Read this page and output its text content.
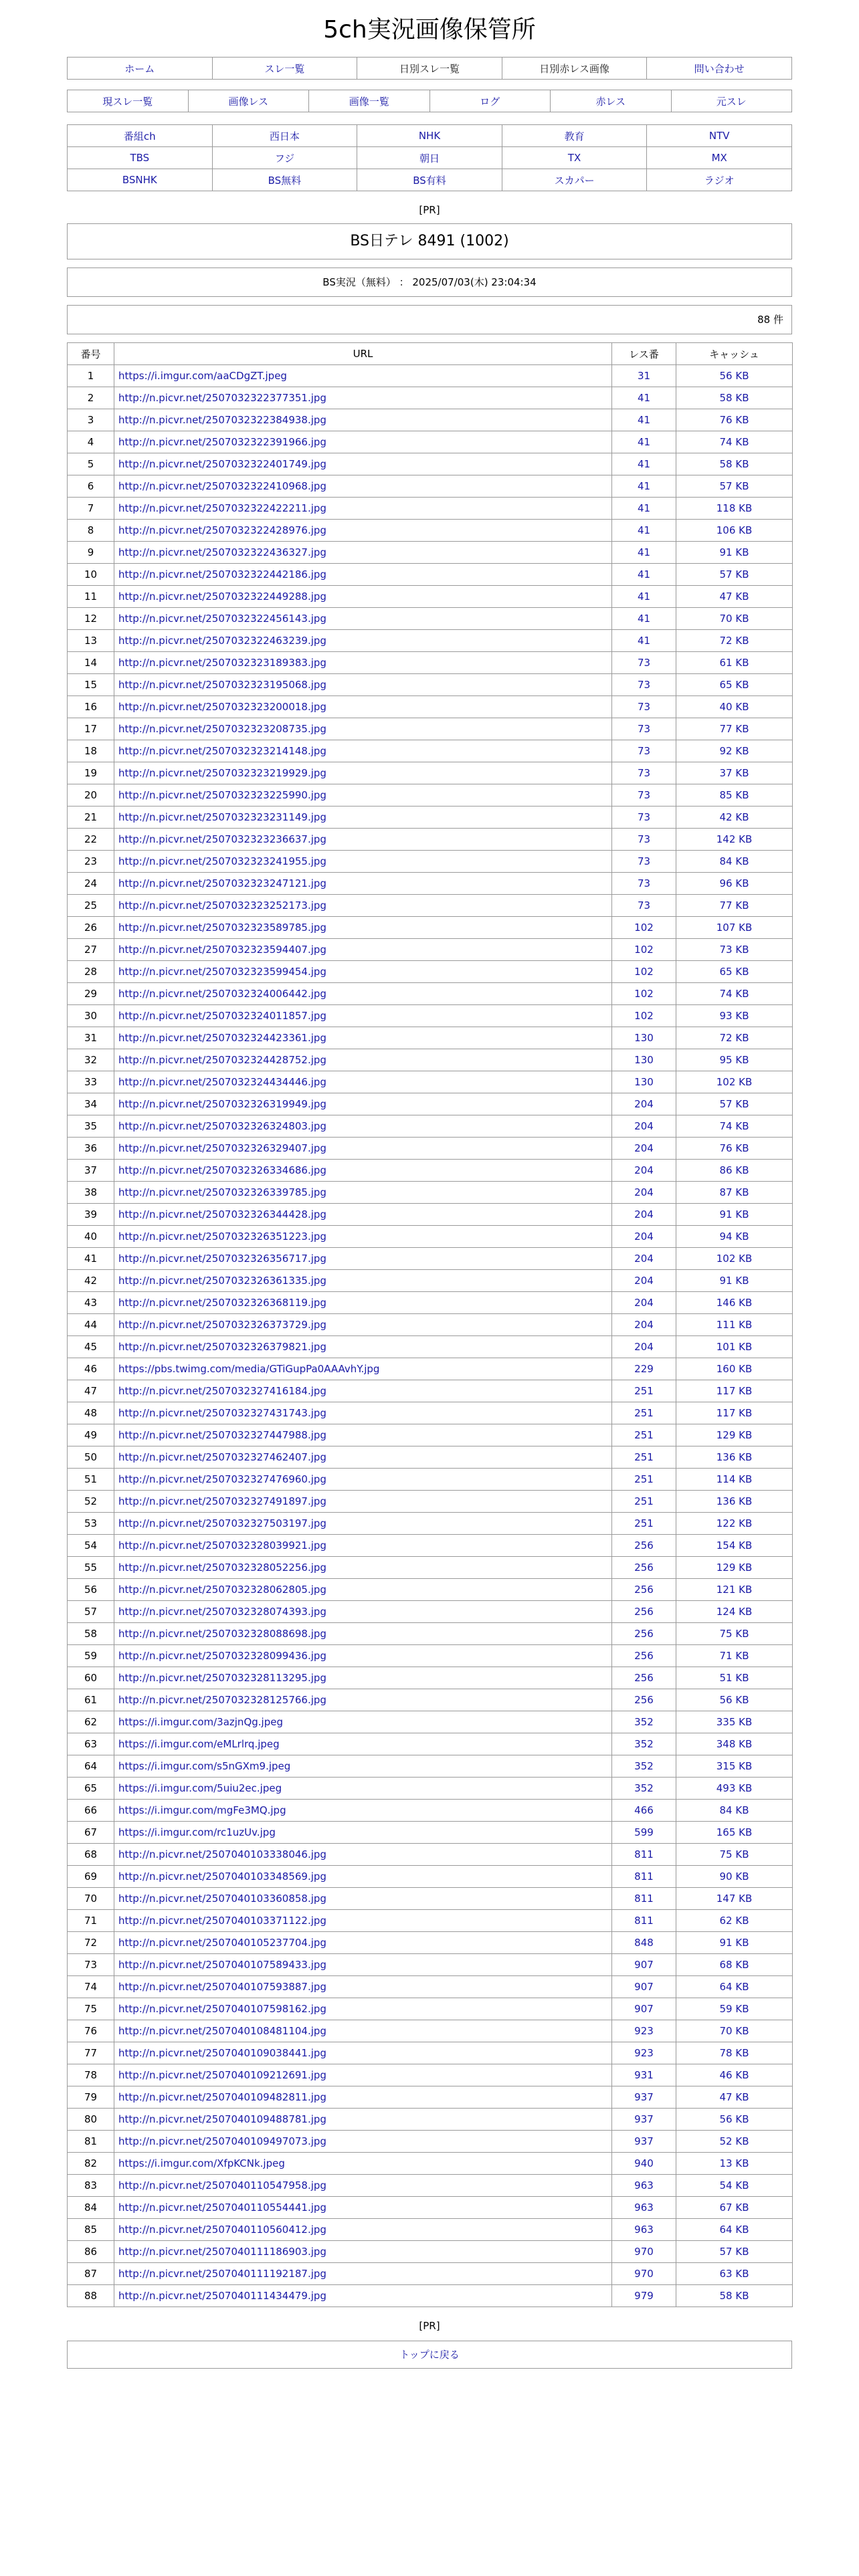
5ch実況画像保管所
ホーム	スレ一覧	日別スレ一覧	日別赤レス画像	問い合わせ
現スレ一覧	画像レス	画像一覧	ログ	赤レス	元スレ
番組ch	西日本	NHK	教育	NTV
TBS	フジ	朝日	TX	MX
BSNHK	BS無料	BS有料	スカパー	ラジオ
[PR]
BS日テレ 8491 (1002)
BS実況（無料） ： 2025/07/03(木) 23:04:34
88 件
番号	URL	レス番	キャッシュ
1	https://i.imgur.com/aaCDgZT.jpeg	31	56 KB
2	http://n.picvr.net/2507032322377351.jpg	41	58 KB
3	http://n.picvr.net/2507032322384938.jpg	41	76 KB
4	http://n.picvr.net/2507032322391966.jpg	41	74 KB
5	http://n.picvr.net/2507032322401749.jpg	41	58 KB
6	http://n.picvr.net/2507032322410968.jpg	41	57 KB
7	http://n.picvr.net/2507032322422211.jpg	41	118 KB
8	http://n.picvr.net/2507032322428976.jpg	41	106 KB
9	http://n.picvr.net/2507032322436327.jpg	41	91 KB
10	http://n.picvr.net/2507032322442186.jpg	41	57 KB
11	http://n.picvr.net/2507032322449288.jpg	41	47 KB
12	http://n.picvr.net/2507032322456143.jpg	41	70 KB
13	http://n.picvr.net/2507032322463239.jpg	41	72 KB
14	http://n.picvr.net/2507032323189383.jpg	73	61 KB
15	http://n.picvr.net/2507032323195068.jpg	73	65 KB
16	http://n.picvr.net/2507032323200018.jpg	73	40 KB
17	http://n.picvr.net/2507032323208735.jpg	73	77 KB
18	http://n.picvr.net/2507032323214148.jpg	73	92 KB
19	http://n.picvr.net/2507032323219929.jpg	73	37 KB
20	http://n.picvr.net/2507032323225990.jpg	73	85 KB
21	http://n.picvr.net/2507032323231149.jpg	73	42 KB
22	http://n.picvr.net/2507032323236637.jpg	73	142 KB
23	http://n.picvr.net/2507032323241955.jpg	73	84 KB
24	http://n.picvr.net/2507032323247121.jpg	73	96 KB
25	http://n.picvr.net/2507032323252173.jpg	73	77 KB
26	http://n.picvr.net/2507032323589785.jpg	102	107 KB
27	http://n.picvr.net/2507032323594407.jpg	102	73 KB
28	http://n.picvr.net/2507032323599454.jpg	102	65 KB
29	http://n.picvr.net/2507032324006442.jpg	102	74 KB
30	http://n.picvr.net/2507032324011857.jpg	102	93 KB
31	http://n.picvr.net/2507032324423361.jpg	130	72 KB
32	http://n.picvr.net/2507032324428752.jpg	130	95 KB
33	http://n.picvr.net/2507032324434446.jpg	130	102 KB
34	http://n.picvr.net/2507032326319949.jpg	204	57 KB
35	http://n.picvr.net/2507032326324803.jpg	204	74 KB
36	http://n.picvr.net/2507032326329407.jpg	204	76 KB
37	http://n.picvr.net/2507032326334686.jpg	204	86 KB
38	http://n.picvr.net/2507032326339785.jpg	204	87 KB
39	http://n.picvr.net/2507032326344428.jpg	204	91 KB
40	http://n.picvr.net/2507032326351223.jpg	204	94 KB
41	http://n.picvr.net/2507032326356717.jpg	204	102 KB
42	http://n.picvr.net/2507032326361335.jpg	204	91 KB
43	http://n.picvr.net/2507032326368119.jpg	204	146 KB
44	http://n.picvr.net/2507032326373729.jpg	204	111 KB
45	http://n.picvr.net/2507032326379821.jpg	204	101 KB
46	https://pbs.twimg.com/media/GTiGupPa0AAAvhY.jpg	229	160 KB
47	http://n.picvr.net/2507032327416184.jpg	251	117 KB
48	http://n.picvr.net/2507032327431743.jpg	251	117 KB
49	http://n.picvr.net/2507032327447988.jpg	251	129 KB
50	http://n.picvr.net/2507032327462407.jpg	251	136 KB
51	http://n.picvr.net/2507032327476960.jpg	251	114 KB
52	http://n.picvr.net/2507032327491897.jpg	251	136 KB
53	http://n.picvr.net/2507032327503197.jpg	251	122 KB
54	http://n.picvr.net/2507032328039921.jpg	256	154 KB
55	http://n.picvr.net/2507032328052256.jpg	256	129 KB
56	http://n.picvr.net/2507032328062805.jpg	256	121 KB
57	http://n.picvr.net/2507032328074393.jpg	256	124 KB
58	http://n.picvr.net/2507032328088698.jpg	256	75 KB
59	http://n.picvr.net/2507032328099436.jpg	256	71 KB
60	http://n.picvr.net/2507032328113295.jpg	256	51 KB
61	http://n.picvr.net/2507032328125766.jpg	256	56 KB
62	https://i.imgur.com/3azjnQg.jpeg	352	335 KB
63	https://i.imgur.com/eMLrlrq.jpeg	352	348 KB
64	https://i.imgur.com/s5nGXm9.jpeg	352	315 KB
65	https://i.imgur.com/5uiu2ec.jpeg	352	493 KB
66	https://i.imgur.com/mgFe3MQ.jpg	466	84 KB
67	https://i.imgur.com/rc1uzUv.jpg	599	165 KB
68	http://n.picvr.net/2507040103338046.jpg	811	75 KB
69	http://n.picvr.net/2507040103348569.jpg	811	90 KB
70	http://n.picvr.net/2507040103360858.jpg	811	147 KB
71	http://n.picvr.net/2507040103371122.jpg	811	62 KB
72	http://n.picvr.net/2507040105237704.jpg	848	91 KB
73	http://n.picvr.net/2507040107589433.jpg	907	68 KB
74	http://n.picvr.net/2507040107593887.jpg	907	64 KB
75	http://n.picvr.net/2507040107598162.jpg	907	59 KB
76	http://n.picvr.net/2507040108481104.jpg	923	70 KB
77	http://n.picvr.net/2507040109038441.jpg	923	78 KB
78	http://n.picvr.net/2507040109212691.jpg	931	46 KB
79	http://n.picvr.net/2507040109482811.jpg	937	47 KB
80	http://n.picvr.net/2507040109488781.jpg	937	56 KB
81	http://n.picvr.net/2507040109497073.jpg	937	52 KB
82	https://i.imgur.com/XfpKCNk.jpeg	940	13 KB
83	http://n.picvr.net/2507040110547958.jpg	963	54 KB
84	http://n.picvr.net/2507040110554441.jpg	963	67 KB
85	http://n.picvr.net/2507040110560412.jpg	963	64 KB
86	http://n.picvr.net/2507040111186903.jpg	970	57 KB
87	http://n.picvr.net/2507040111192187.jpg	970	63 KB
88	http://n.picvr.net/2507040111434479.jpg	979	58 KB
[PR]
トップに戻る
